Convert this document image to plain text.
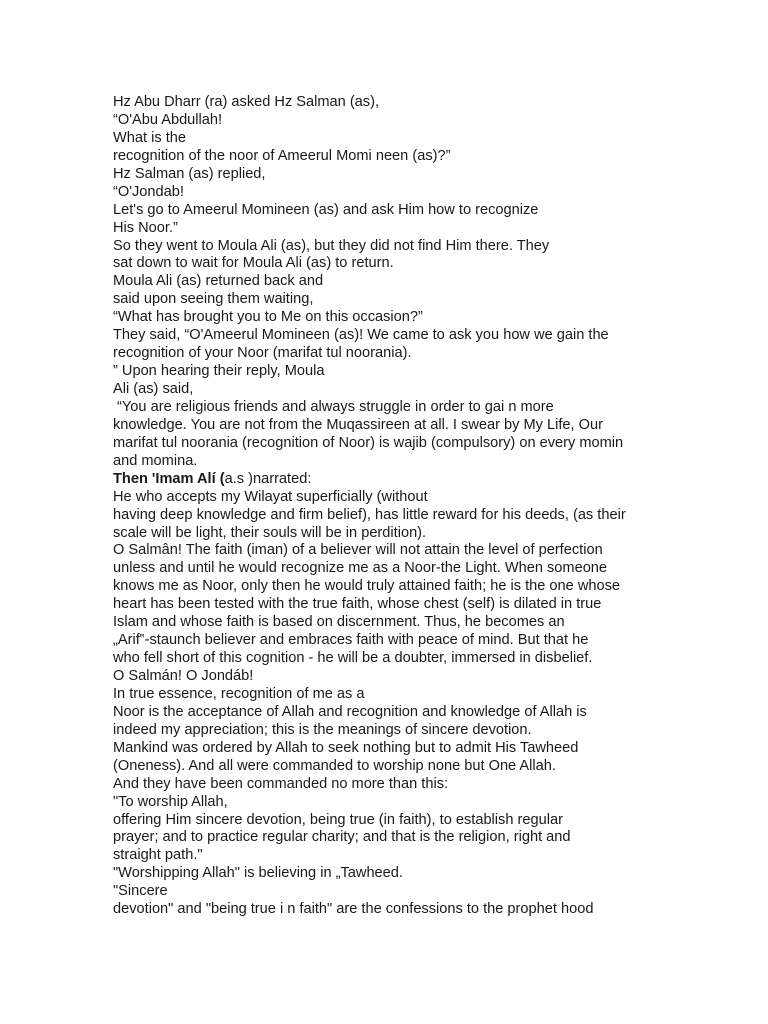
Hz Abu Dharr (ra) asked Hz Salman (as),
“O'Abu Abdullah!
What is the
recognition of the noor of Ameerul Momi neen (as)?”
Hz Salman (as) replied,
“O'Jondab!
Let's go to Ameerul Momineen (as) and ask Him how to recognize
His Noor.”
So they went to Moula Ali (as), but they did not find Him there. They
sat down to wait for Moula Ali (as) to return.
Moula Ali (as) returned back and
said upon seeing them waiting,
“What has brought you to Me on this occasion?”
They said, “O'Ameerul Momineen (as)! We came to ask you how we gain the
recognition of your Noor (marifat tul noorania).
” Upon hearing their reply, Moula
Ali (as) said,
“You are religious friends and always struggle in order to gai n more
knowledge. You are not from the Muqassireen at all. I swear by My Life, Our
marifat tul noorania (recognition of Noor) is wajib (compulsory) on every momin
and momina.
Then 'Imam Alí (a.s )narrated:
He who accepts my Wilayat superficially (without
having deep knowledge and firm belief), has little reward for his deeds, (as their
scale will be light, their souls will be in perdition).
O Salmân! The faith (iman) of a believer will not attain the level of perfection
unless and until he would recognize me as a Noor-the Light. When someone
knows me as Noor, only then he would truly attained faith; he is the one whose
heart has been tested with the true faith, whose chest (self) is dilated in true
Islam and whose faith is based on discernment. Thus, he becomes an
„Arif‟-staunch believer and embraces faith with peace of mind. But that he
who fell short of this cognition - he will be a doubter, immersed in disbelief.
O Salmán! O Jondáb!
In true essence, recognition of me as a
Noor is the acceptance of Allah and recognition and knowledge of Allah is
indeed my appreciation; this is the meanings of sincere devotion.
Mankind was ordered by Allah to seek nothing but to admit His Tawheed
(Oneness). And all were commanded to worship none but One Allah.
And they have been commanded no more than this:
"To worship Allah,
offering Him sincere devotion, being true (in faith), to establish regular
prayer; and to practice regular charity; and that is the religion, right and
straight path."
"Worshipping Allah" is believing in „Tawheed.
"Sincere
devotion" and "being true i n faith" are the confessions to the prophet hood
